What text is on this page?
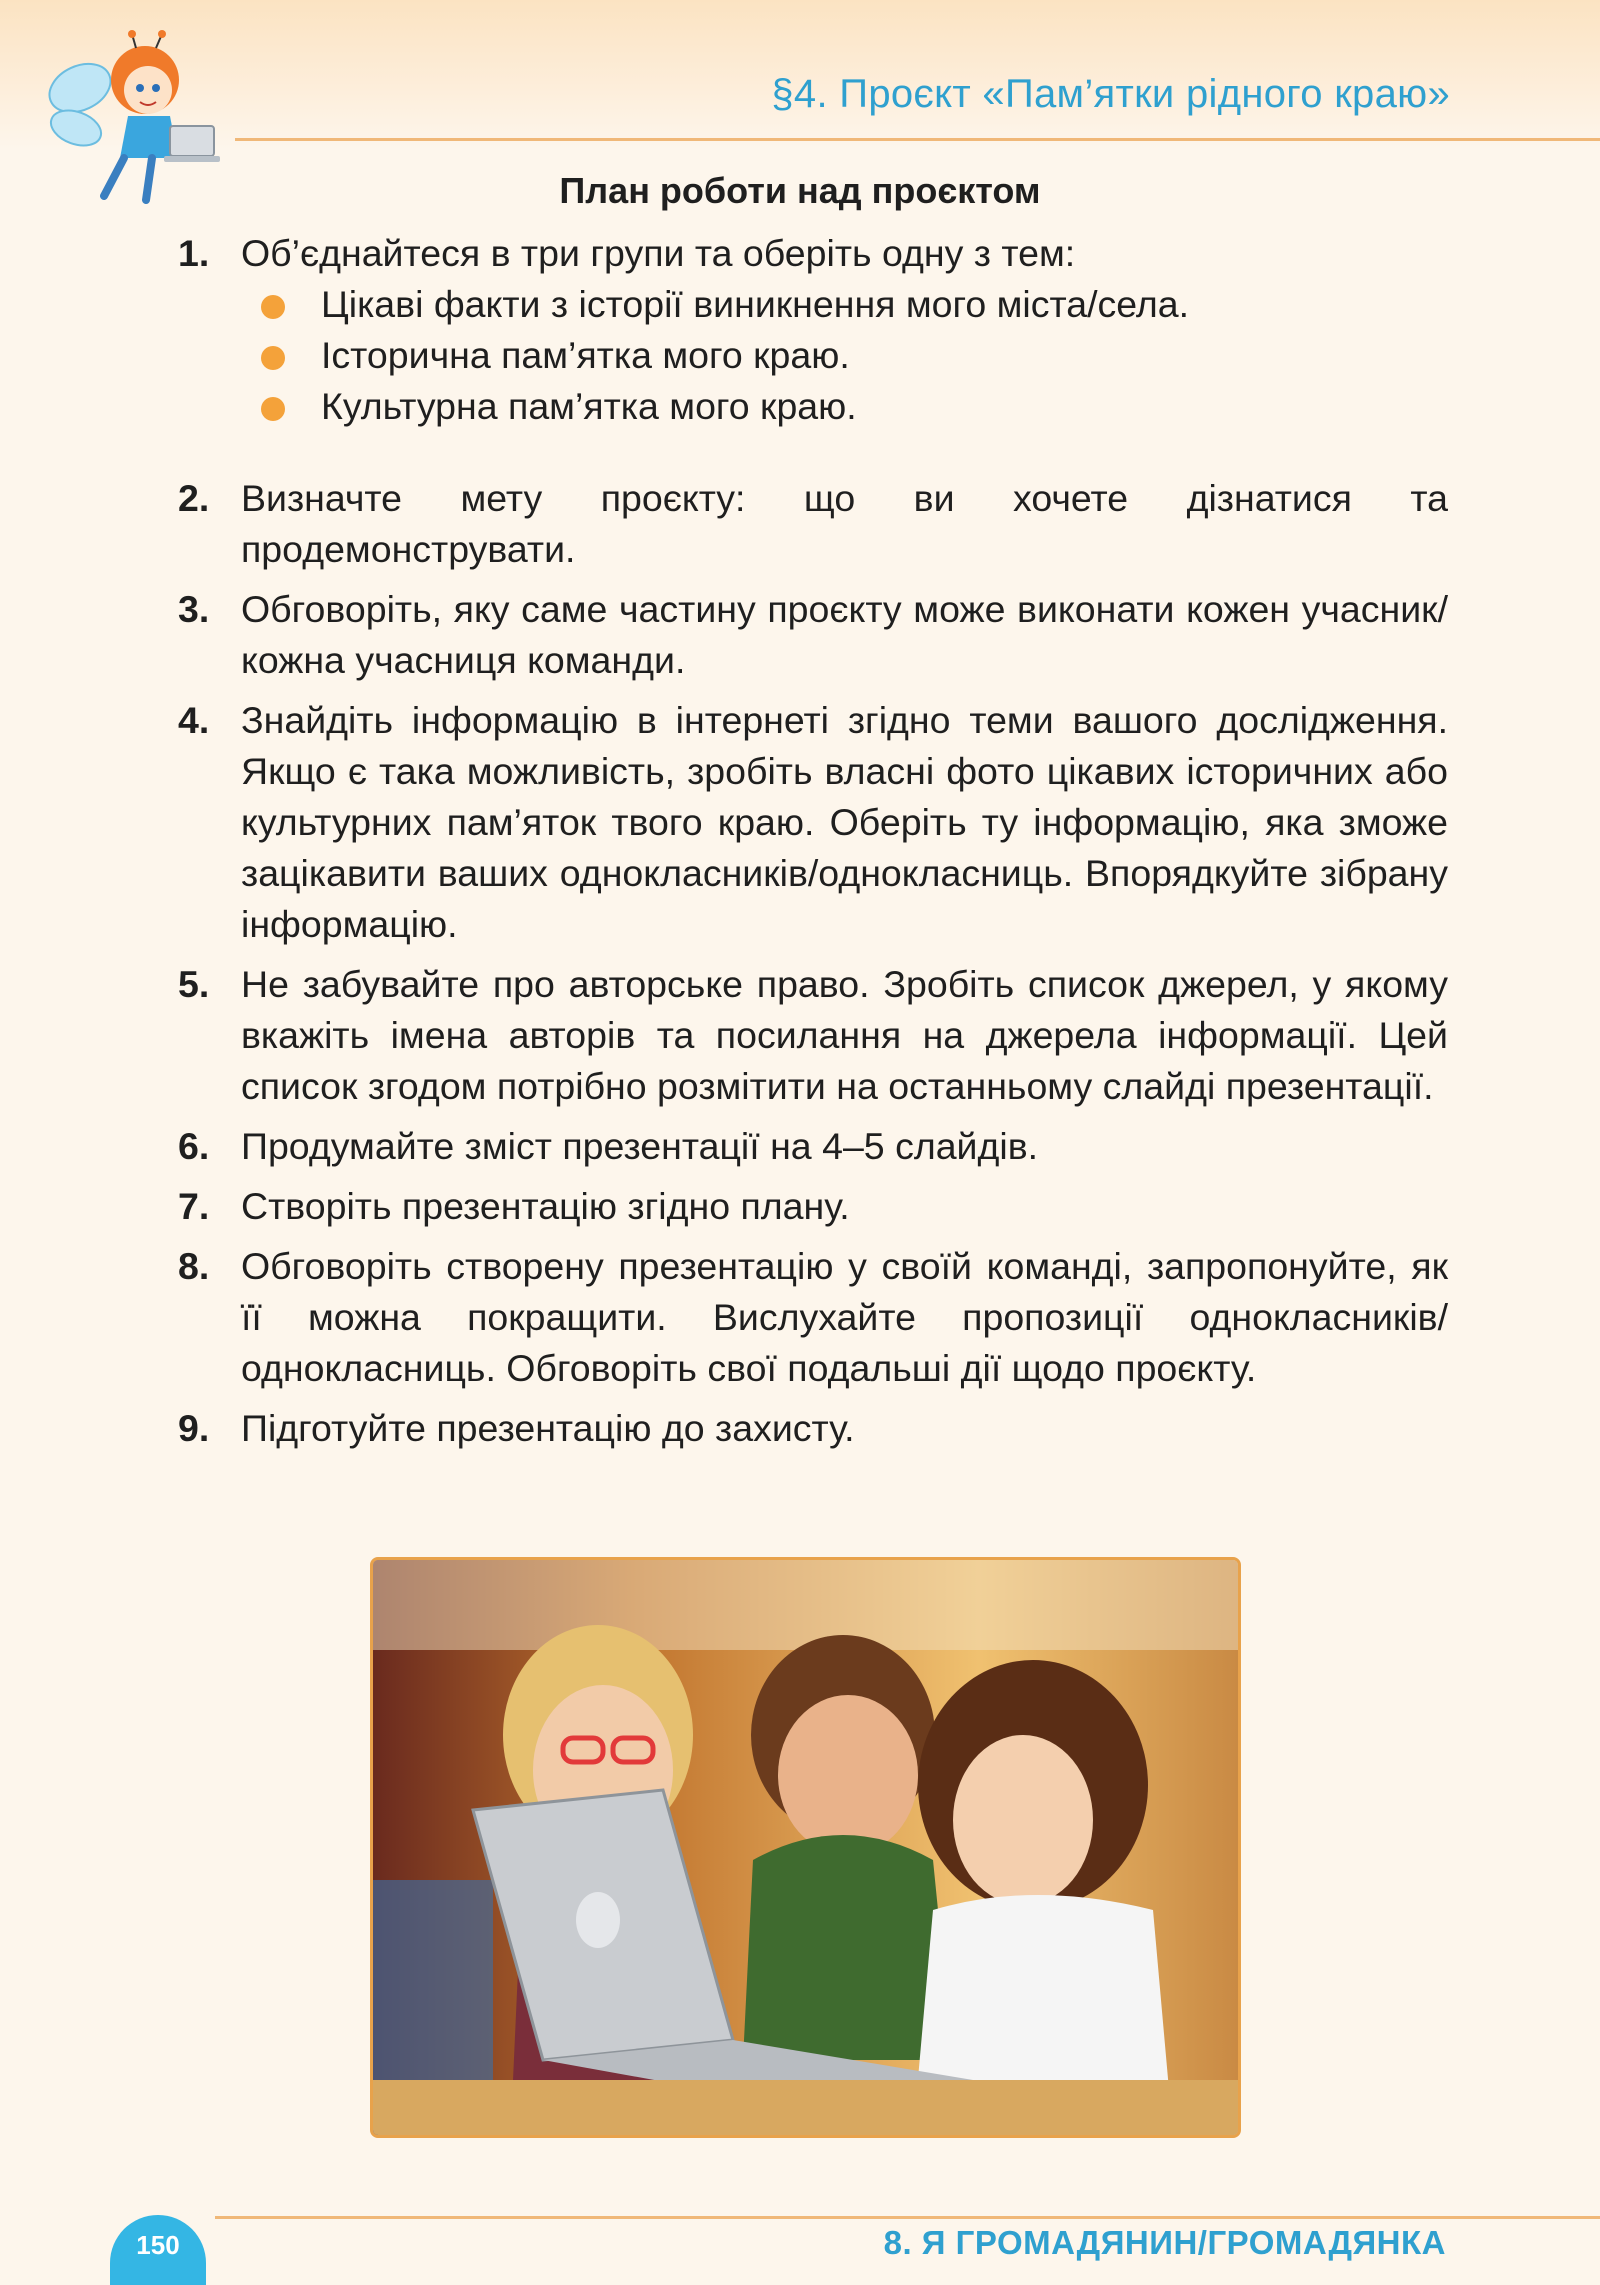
§4. Проєкт «Пам’ятки рідного краю»
План роботи над проєктом
1. Об’єднайтеся в три групи та оберіть одну з тем:
Цікаві факти з історії виникнення мого міста/села.
Історична пам’ятка мого краю.
Культурна пам’ятка мого краю.
2. Визначте мету проєкту: що ви хочете дізнатися та продемонструвати.
3. Обговоріть, яку саме частину проєкту може виконати кожен учасник/кожна учасниця команди.
4. Знайдіть інформацію в інтернеті згідно теми вашого дослідження. Якщо є така можливість, зробіть власні фото цікавих історичних або культурних пам’яток твого краю. Оберіть ту інформацію, яка зможе зацікавити ваших однокласників/однокласниць. Впорядкуйте зібрану інформацію.
5. Не забувайте про авторське право. Зробіть список джерел, у якому вкажіть імена авторів та посилання на джерела інформації. Цей список згодом потрібно розмітити на останньому слайді презентації.
6. Продумайте зміст презентації на 4–5 слайдів.
7. Створіть презентацію згідно плану.
8. Обговоріть створену презентацію у своїй команді, запропонуйте, як її можна покращити. Вислухайте пропозиції однокласників/однокласниць. Обговоріть свої подальші дії щодо проєкту.
9. Підготуйте презентацію до захисту.
150	8. Я ГРОМАДЯНИН/ГРОМАДЯНКА
